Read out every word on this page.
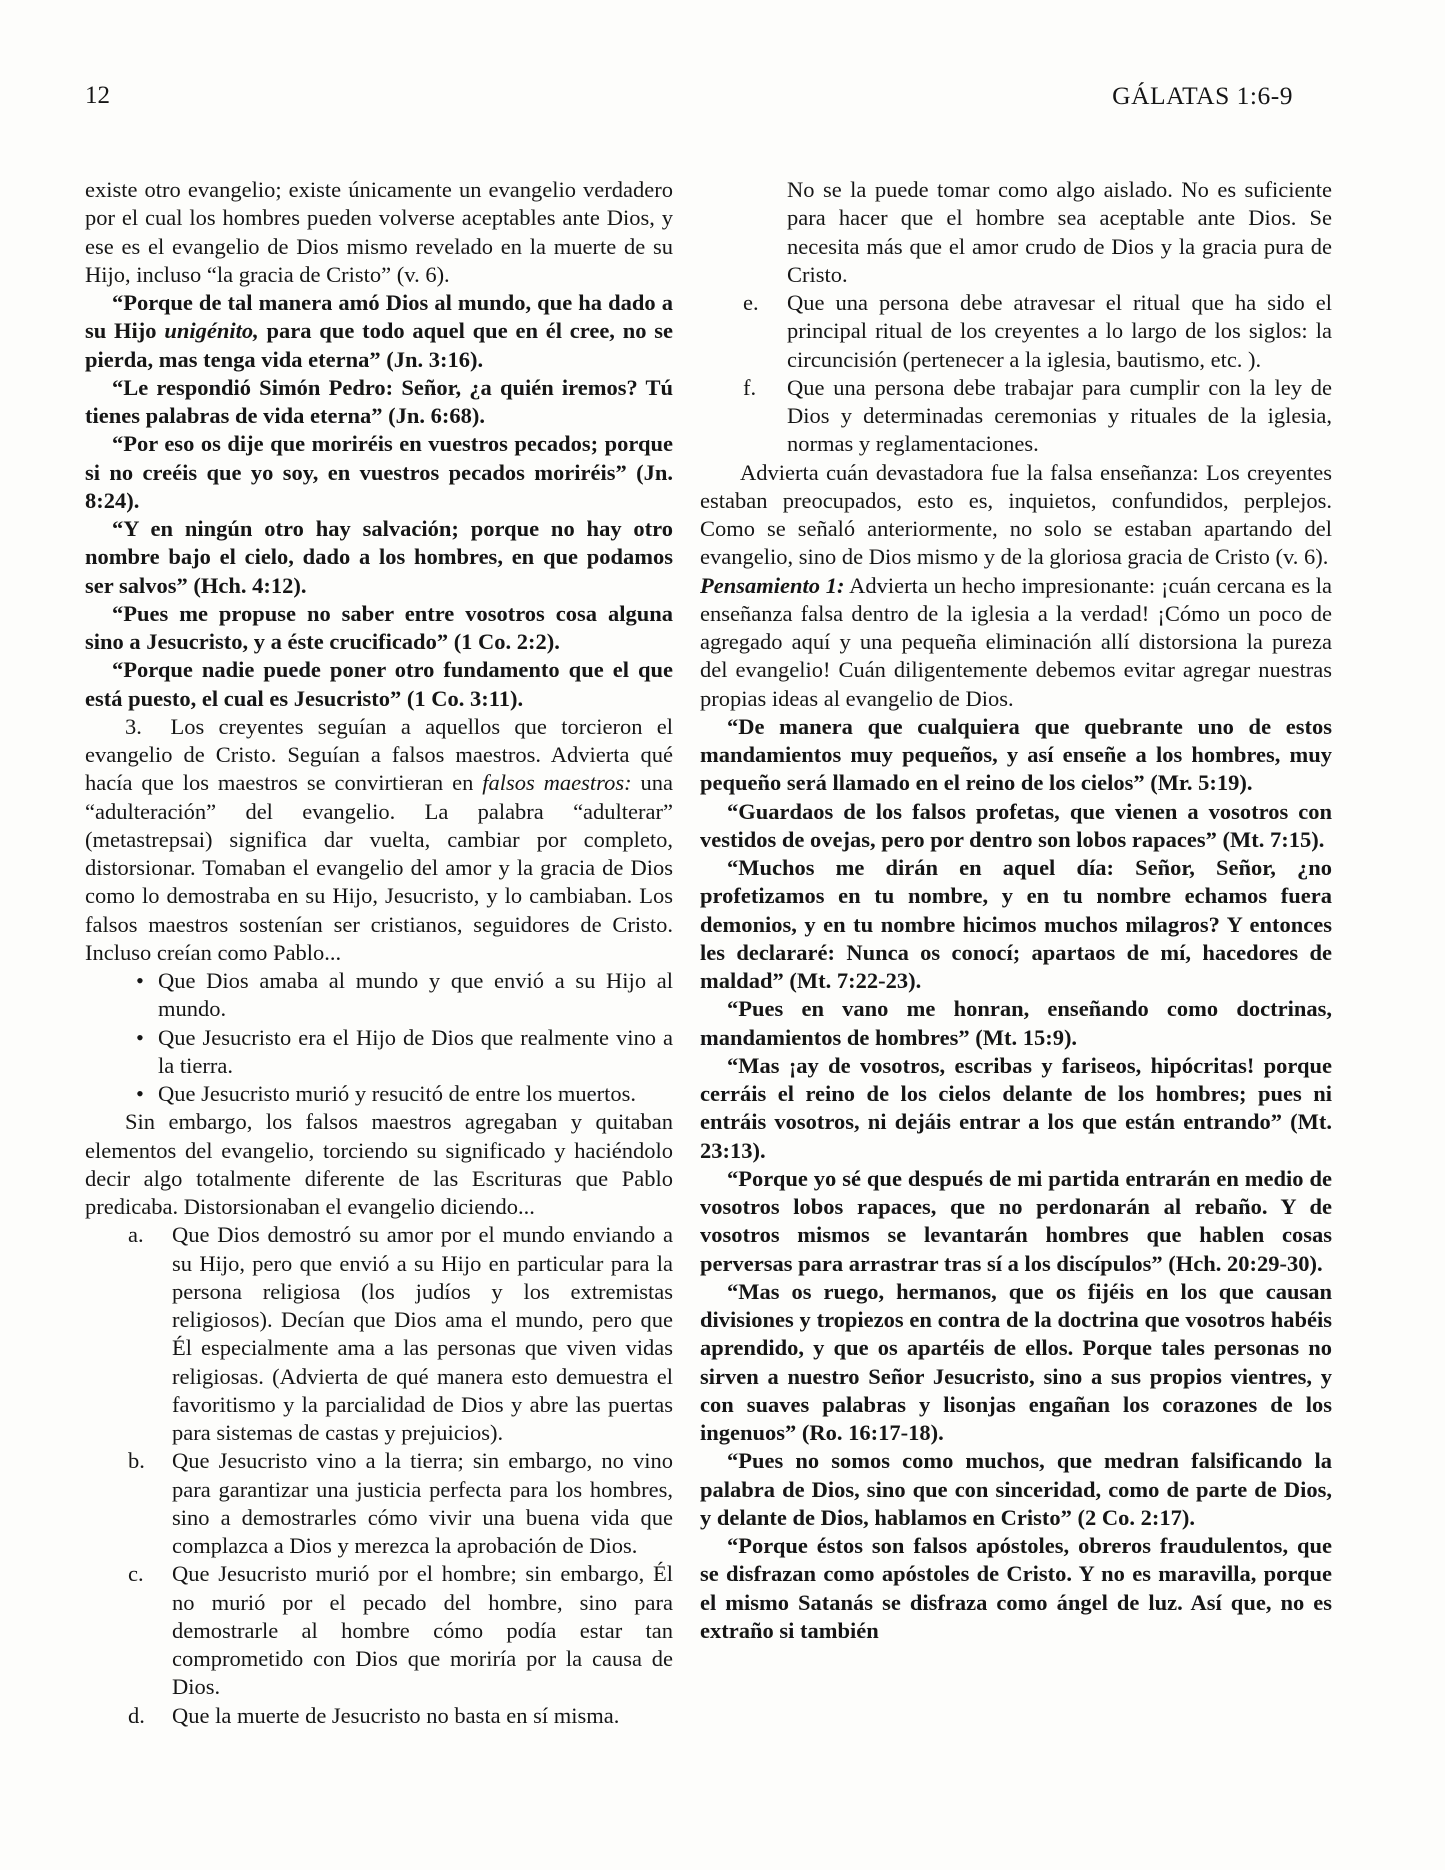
12	GÁLATAS 1:6-9

existe otro evangelio; existe únicamente un evangelio verdadero por el cual los hombres pueden volverse aceptables ante Dios, y ese es el evangelio de Dios mismo revelado en la muerte de su Hijo, incluso “la gracia de Cristo” (v. 6).

“Porque de tal manera amó Dios al mundo, que ha dado a su Hijo unigénito, para que todo aquel que en él cree, no se pierda, mas tenga vida eterna” (Jn. 3:16).

“Le respondió Simón Pedro: Señor, ¿a quién iremos? Tú tienes palabras de vida eterna” (Jn. 6:68).

“Por eso os dije que moriréis en vuestros pecados; porque si no creéis que yo soy, en vuestros pecados moriréis” (Jn. 8:24).

“Y en ningún otro hay salvación; porque no hay otro nombre bajo el cielo, dado a los hombres, en que podamos ser salvos” (Hch. 4:12).

“Pues me propuse no saber entre vosotros cosa alguna sino a Jesucristo, y a éste crucificado” (1 Co. 2:2).

“Porque nadie puede poner otro fundamento que el que está puesto, el cual es Jesucristo” (1 Co. 3:11).

3.  Los creyentes seguían a aquellos que torcieron el evangelio de Cristo. Seguían a falsos maestros. Advierta qué hacía que los maestros se convirtieran en falsos maestros: una “adulteración” del evangelio. La palabra “adulterar” (metastrepsai) significa dar vuelta, cambiar por completo, distorsionar. Tomaban el evangelio del amor y la gracia de Dios como lo demostraba en su Hijo, Jesucristo, y lo cambiaban. Los falsos maestros sostenían ser cristianos, seguidores de Cristo. Incluso creían como Pablo...

• Que Dios amaba al mundo y que envió a su Hijo al mundo.
• Que Jesucristo era el Hijo de Dios que realmente vino a la tierra.
• Que Jesucristo murió y resucitó de entre los muertos.

Sin embargo, los falsos maestros agregaban y quitaban elementos del evangelio, torciendo su significado y haciéndolo decir algo totalmente diferente de las Escrituras que Pablo predicaba. Distorsionaban el evangelio diciendo...

a. Que Dios demostró su amor por el mundo enviando a su Hijo, pero que envió a su Hijo en particular para la persona religiosa (los judíos y los extremistas religiosos). Decían que Dios ama el mundo, pero que Él especialmente ama a las personas que viven vidas religiosas. (Advierta de qué manera esto demuestra el favoritismo y la parcialidad de Dios y abre las puertas para sistemas de castas y prejuicios).
b. Que Jesucristo vino a la tierra; sin embargo, no vino para garantizar una justicia perfecta para los hombres, sino a demostrarles cómo vivir una buena vida que complazca a Dios y merezca la aprobación de Dios.
c. Que Jesucristo murió por el hombre; sin embargo, Él no murió por el pecado del hombre, sino para demostrarle al hombre cómo podía estar tan comprometido con Dios que moriría por la causa de Dios.
d. Que la muerte de Jesucristo no basta en sí misma.
No se la puede tomar como algo aislado. No es suficiente para hacer que el hombre sea aceptable ante Dios. Se necesita más que el amor crudo de Dios y la gracia pura de Cristo.
e. Que una persona debe atravesar el ritual que ha sido el principal ritual de los creyentes a lo largo de los siglos: la circuncisión (pertenecer a la iglesia, bautismo, etc. ).
f. Que una persona debe trabajar para cumplir con la ley de Dios y determinadas ceremonias y rituales de la iglesia, normas y reglamentaciones.

Advierta cuán devastadora fue la falsa enseñanza: Los creyentes estaban preocupados, esto es, inquietos, confundidos, perplejos. Como se señaló anteriormente, no solo se estaban apartando del evangelio, sino de Dios mismo y de la gloriosa gracia de Cristo (v. 6).

Pensamiento 1: Advierta un hecho impresionante: ¡cuán cercana es la enseñanza falsa dentro de la iglesia a la verdad! ¡Cómo un poco de agregado aquí y una pequeña eliminación allí distorsiona la pureza del evangelio! Cuán diligentemente debemos evitar agregar nuestras propias ideas al evangelio de Dios.

“De manera que cualquiera que quebrante uno de estos mandamientos muy pequeños, y así enseñe a los hombres, muy pequeño será llamado en el reino de los cielos” (Mr. 5:19).

“Guardaos de los falsos profetas, que vienen a vosotros con vestidos de ovejas, pero por dentro son lobos rapaces” (Mt. 7:15).

“Muchos me dirán en aquel día: Señor, Señor, ¿no profetizamos en tu nombre, y en tu nombre echamos fuera demonios, y en tu nombre hicimos muchos milagros? Y entonces les declararé: Nunca os conocí; apartaos de mí, hacedores de maldad” (Mt. 7:22-23).

“Pues en vano me honran, enseñando como doctrinas, mandamientos de hombres” (Mt. 15:9).

“Mas ¡ay de vosotros, escribas y fariseos, hipócritas! porque cerráis el reino de los cielos delante de los hombres; pues ni entráis vosotros, ni dejáis entrar a los que están entrando” (Mt. 23:13).

“Porque yo sé que después de mi partida entrarán en medio de vosotros lobos rapaces, que no perdonarán al rebaño. Y de vosotros mismos se levantarán hombres que hablen cosas perversas para arrastrar tras sí a los discípulos” (Hch. 20:29-30).

“Mas os ruego, hermanos, que os fijéis en los que causan divisiones y tropiezos en contra de la doctrina que vosotros habéis aprendido, y que os apartéis de ellos. Porque tales personas no sirven a nuestro Señor Jesucristo, sino a sus propios vientres, y con suaves palabras y lisonjas engañan los corazones de los ingenuos” (Ro. 16:17-18).

“Pues no somos como muchos, que medran falsificando la palabra de Dios, sino que con sinceridad, como de parte de Dios, y delante de Dios, hablamos en Cristo” (2 Co. 2:17).

“Porque éstos son falsos apóstoles, obreros fraudulentos, que se disfrazan como apóstoles de Cristo. Y no es maravilla, porque el mismo Satanás se disfraza como ángel de luz. Así que, no es extraño si también
